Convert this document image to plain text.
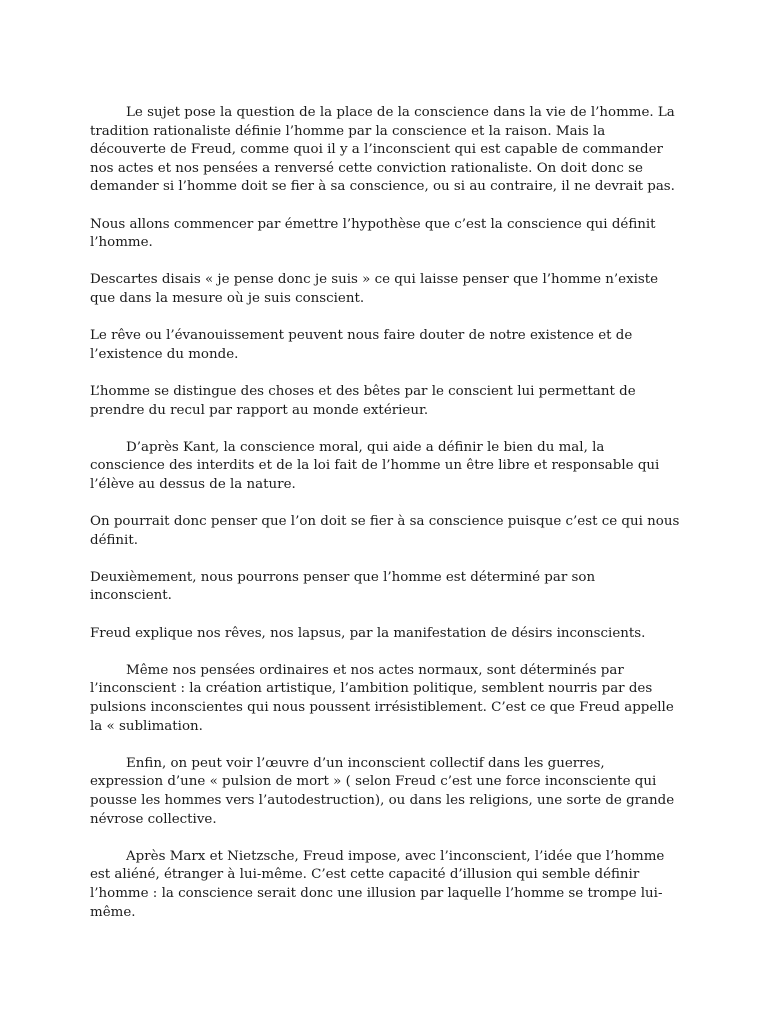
Le sujet pose la question de la place de la conscience dans la vie de l’homme. La tradition rationaliste définie l’homme par la conscience et la raison. Mais la découverte de Freud, comme quoi il y a l’inconscient qui est capable de commander nos actes et nos pensées a renversé cette conviction rationaliste. On doit donc se demander si l’homme doit se fier à sa conscience, ou si au contraire, il ne devrait pas.

Nous allons commencer par émettre l’hypothèse que c’est la conscience qui définit l’homme.

Descartes disais « je pense donc je suis » ce qui laisse penser que l’homme n’existe que dans la mesure où je suis conscient.

Le rêve ou l’évanouissement peuvent nous faire douter de notre existence et de l’existence du monde.

L’homme se distingue des choses et des bêtes par le conscient lui permettant de prendre du recul par rapport au monde extérieur.

D’après Kant, la conscience moral, qui aide a définir le bien du mal, la conscience des interdits et de la loi fait de l’homme un être libre et responsable qui l’élève au dessus de la nature.

On pourrait donc penser que l’on doit se fier à sa conscience puisque c’est ce qui nous définit.

Deuxièmement, nous pourrons penser que l’homme est déterminé par son inconscient.

Freud explique nos rêves, nos lapsus, par la manifestation de désirs inconscients.

Même nos pensées ordinaires et nos actes normaux, sont déterminés par l’inconscient : la création artistique, l’ambition politique, semblent nourris par des pulsions inconscientes qui nous poussent irrésistiblement. C’est ce que Freud appelle la « sublimation.

Enfin, on peut voir l’œuvre d’un inconscient collectif dans les guerres, expression d’une « pulsion de mort » ( selon Freud c’est une force inconsciente qui pousse les hommes vers l’autodestruction), ou dans les religions, une sorte de grande névrose collective.

Après Marx et Nietzsche, Freud impose, avec l’inconscient, l’idée que l’homme est aliéné, étranger à lui-même. C’est cette capacité d’illusion qui semble définir l’homme : la conscience serait donc une illusion par laquelle l’homme se trompe lui-même.
